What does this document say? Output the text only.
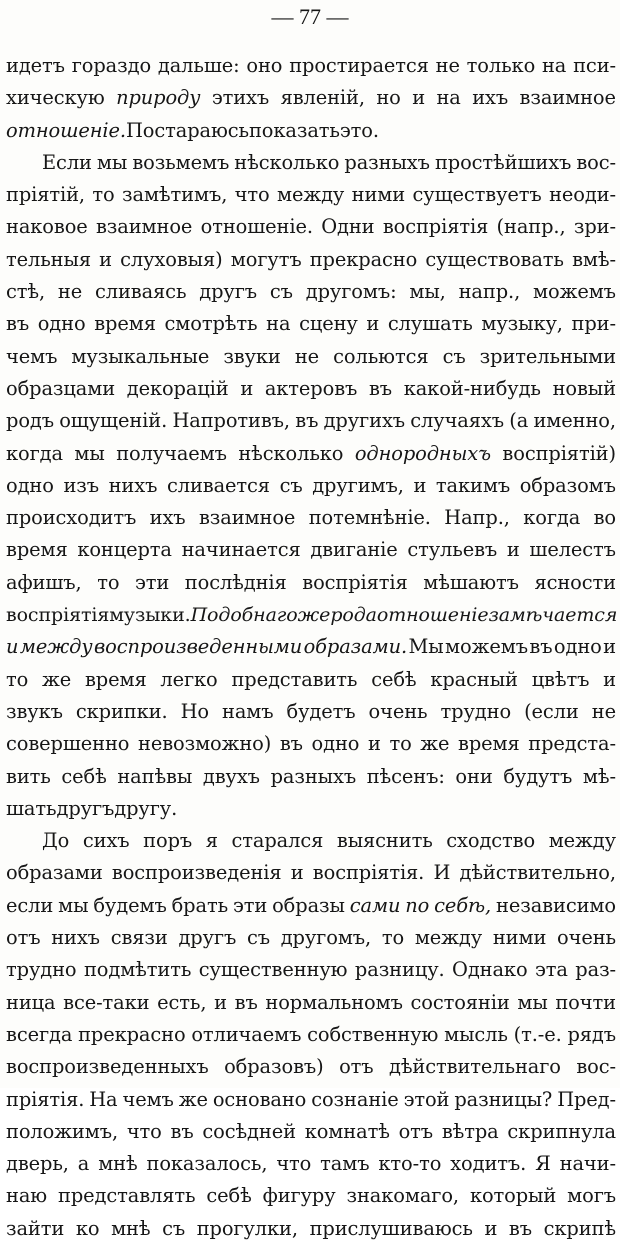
— 77 —
идетъ гораздо дальше: оно простирается не только на пси-
хическую природу этихъ явленій, но и на ихъ взаимное
отношеніе. Постараюсь показать это.
Если мы возьмемъ нѣсколько разныхъ простѣйшихъ вос-
пріятій, то замѣтимъ, что между ними существуетъ неоди-
наковое взаимное отношеніе. Одни воспріятія (напр., зри-
тельныя и слуховыя) могутъ прекрасно существовать вмѣ-
стѣ, не сливаясь другъ съ другомъ: мы, напр., можемъ
въ одно время смотрѣть на сцену и слушать музыку, при-
чемъ музыкальные звуки не сольются съ зрительными
образцами декорацій и актеровъ въ какой-нибудь новый
родъ ощущеній. Напротивъ, въ другихъ случаяхъ (а именно,
когда мы получаемъ нѣсколько однородныхъ воспріятій)
одно изъ нихъ сливается съ другимъ, и такимъ образомъ
происходитъ ихъ взаимное потемнѣніе. Напр., когда во
время концерта начинается двиганіе стульевъ и шелестъ
афишъ, то эти послѣднія воспріятія мѣшаютъ ясности
воспріятія музыки. Подобнаго же рода отношеніе замѣчается
и между воспроизведенными образами. Мы можемъ въ одно и
то же время легко представить себѣ красный цвѣтъ и
звукъ скрипки. Но намъ будетъ очень трудно (если не
совершенно невозможно) въ одно и то же время предста-
вить себѣ напѣвы двухъ разныхъ пѣсенъ: они будутъ мѣ-
шать другъ другу.
До сихъ поръ я старался выяснить сходство между
образами воспроизведенія и воспріятія. И дѣйствительно,
если мы будемъ брать эти образы сами по себѣ, независимо
отъ нихъ связи другъ съ другомъ, то между ними очень
трудно подмѣтить существенную разницу. Однако эта раз-
ница все-таки есть, и въ нормальномъ состояніи мы почти
всегда прекрасно отличаемъ собственную мысль (т.-е. рядъ
воспроизведенныхъ образовъ) отъ дѣйствительнаго вос-
пріятія. На чемъ же основано сознаніе этой разницы? Пред-
положимъ, что въ сосѣдней комнатѣ отъ вѣтра скрипнула
дверь, а мнѣ показалось, что тамъ кто-то ходитъ. Я начи-
наю представлять себѣ фигуру знакомаго, который могъ
зайти ко мнѣ съ прогулки, прислушиваюсь и въ скрипѣ
